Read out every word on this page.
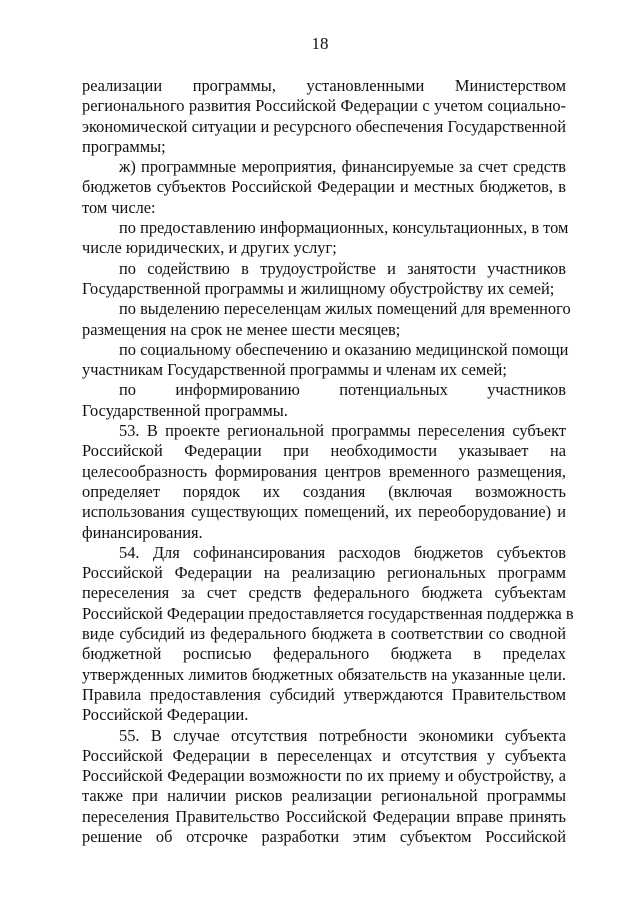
18
реализации программы, установленными Министерством
регионального развития Российской Федерации с учетом социально-
экономической ситуации и ресурсного обеспечения Государственной
программы;
ж) программные мероприятия, финансируемые за счет средств
бюджетов субъектов Российской Федерации и местных бюджетов, в
том числе:
по предоставлению информационных, консультационных, в том
числе юридических, и других услуг;
по содействию в трудоустройстве и занятости участников
Государственной программы и жилищному обустройству их семей;
по выделению переселенцам жилых помещений для временного
размещения на срок не менее шести месяцев;
по социальному обеспечению и оказанию медицинской помощи
участникам Государственной программы и членам их семей;
по информированию потенциальных участников
Государственной программы.
53. В проекте региональной программы переселения субъект
Российской Федерации при необходимости указывает на
целесообразность формирования центров временного размещения,
определяет порядок их создания (включая возможность
использования существующих помещений, их переоборудование) и
финансирования.
54. Для софинансирования расходов бюджетов субъектов
Российской Федерации на реализацию региональных программ
переселения за счет средств федерального бюджета субъектам
Российской Федерации предоставляется государственная поддержка в
виде субсидий из федерального бюджета в соответствии со сводной
бюджетной росписью федерального бюджета в пределах
утвержденных лимитов бюджетных обязательств на указанные цели.
Правила предоставления субсидий утверждаются Правительством
Российской Федерации.
55. В случае отсутствия потребности экономики субъекта
Российской Федерации в переселенцах и отсутствия у субъекта
Российской Федерации возможности по их приему и обустройству, а
также при наличии рисков реализации региональной программы
переселения Правительство Российской Федерации вправе принять
решение об отсрочке разработки этим субъектом Российской
